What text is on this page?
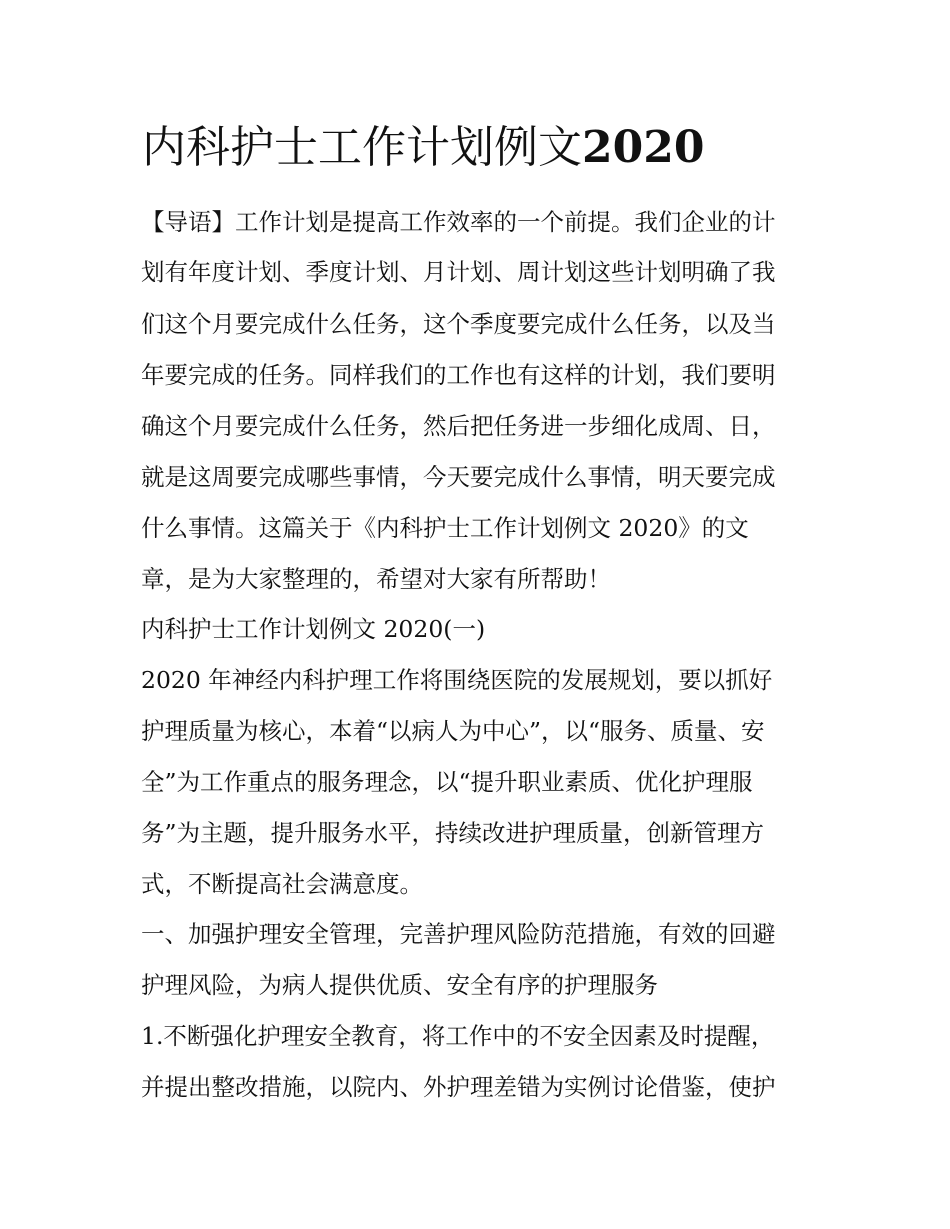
内科护士工作计划例文2020

【导语】工作计划是提高工作效率的一个前提。我们企业的计

划有年度计划、季度计划、月计划、周计划这些计划明确了我

们这个月要完成什么任务，这个季度要完成什么任务，以及当

年要完成的任务。同样我们的工作也有这样的计划，我们要明

确这个月要完成什么任务，然后把任务进一步细化成周、日，

就是这周要完成哪些事情，今天要完成什么事情，明天要完成

什么事情。这篇关于《内科护士工作计划例文 2020》的文

章，是为大家整理的，希望对大家有所帮助！

内科护士工作计划例文 2020(一)

2020 年神经内科护理工作将围绕医院的发展规划，要以抓好

护理质量为核心，本着“以病人为中心”，以“服务、质量、安

全”为工作重点的服务理念，以“提升职业素质、优化护理服

务”为主题，提升服务水平，持续改进护理质量，创新管理方

式，不断提高社会满意度。

一、加强护理安全管理，完善护理风险防范措施，有效的回避

护理风险，为病人提供优质、安全有序的护理服务

1.不断强化护理安全教育，将工作中的不安全因素及时提醒，

并提出整改措施，以院内、外护理差错为实例讨论借鉴，使护
